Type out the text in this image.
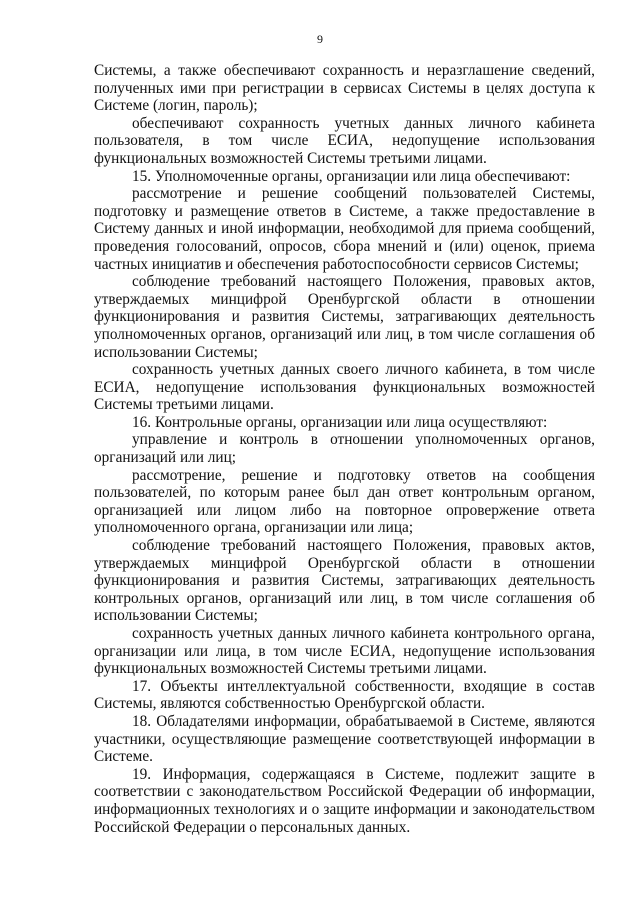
9

Системы, а также обеспечивают сохранность и неразглашение сведений, полученных ими при регистрации в сервисах Системы в целях доступа к Системе (логин, пароль);

обеспечивают сохранность учетных данных личного кабинета пользователя, в том числе ЕСИА, недопущение использования функциональных возможностей Системы третьими лицами.

15. Уполномоченные органы, организации или лица обеспечивают:

рассмотрение и решение сообщений пользователей Системы, подготовку и размещение ответов в Системе, а также предоставление в Систему данных и иной информации, необходимой для приема сообщений, проведения голосований, опросов, сбора мнений и (или) оценок, приема частных инициатив и обеспечения работоспособности сервисов Системы;

соблюдение требований настоящего Положения, правовых актов, утверждаемых минцифрой Оренбургской области в отношении функционирования и развития Системы, затрагивающих деятельность уполномоченных органов, организаций или лиц, в том числе соглашения об использовании Системы;

сохранность учетных данных своего личного кабинета, в том числе ЕСИА, недопущение использования функциональных возможностей Системы третьими лицами.

16. Контрольные органы, организации или лица осуществляют:

управление и контроль в отношении уполномоченных органов, организаций или лиц;

рассмотрение, решение и подготовку ответов на сообщения пользователей, по которым ранее был дан ответ контрольным органом, организацией или лицом либо на повторное опровержение ответа уполномоченного органа, организации или лица;

соблюдение требований настоящего Положения, правовых актов, утверждаемых минцифрой Оренбургской области в отношении функционирования и развития Системы, затрагивающих деятельность контрольных органов, организаций или лиц, в том числе соглашения об использовании Системы;

сохранность учетных данных личного кабинета контрольного органа, организации или лица, в том числе ЕСИА, недопущение использования функциональных возможностей Системы третьими лицами.

17. Объекты интеллектуальной собственности, входящие в состав Системы, являются собственностью Оренбургской области.

18. Обладателями информации, обрабатываемой в Системе, являются участники, осуществляющие размещение соответствующей информации в Системе.

19. Информация, содержащаяся в Системе, подлежит защите в соответствии с законодательством Российской Федерации об информации, информационных технологиях и о защите информации и законодательством Российской Федерации о персональных данных.
